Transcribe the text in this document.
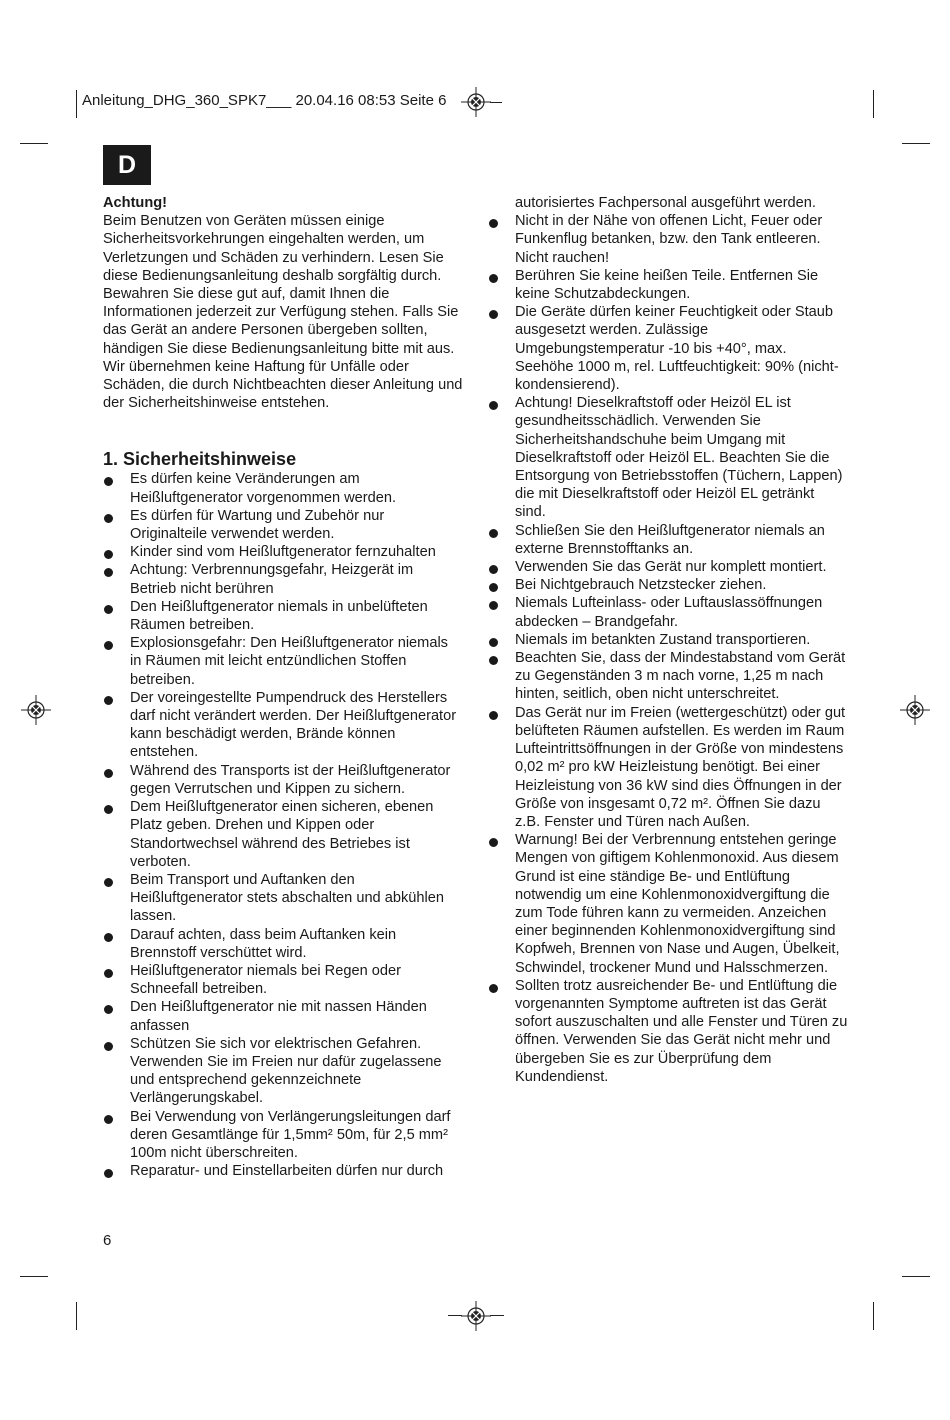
Anleitung_DHG_360_SPK7___ 20.04.16 08:53 Seite 6
D
Achtung!

Beim Benutzen von Geräten müssen einige Sicherheitsvorkehrungen eingehalten werden, um Verletzungen und Schäden zu verhindern. Lesen Sie diese Bedienungsanleitung deshalb sorgfältig durch. Bewahren Sie diese gut auf, damit Ihnen die Informationen jederzeit zur Verfügung stehen. Falls Sie das Gerät an andere Personen übergeben sollten, händigen Sie diese Bedienungsanleitung bitte mit aus. Wir übernehmen keine Haftung für Unfälle oder Schäden, die durch Nichtbeachten dieser Anleitung und der Sicherheitshinweise entstehen.

1. Sicherheitshinweise
Es dürfen keine Veränderungen am Heißluftgenerator vorgenommen werden.
Es dürfen für Wartung und Zubehör nur Originalteile verwendet werden.
Kinder sind vom Heißluftgenerator fernzuhalten
Achtung: Verbrennungsgefahr, Heizgerät im Betrieb nicht berühren
Den Heißluftgenerator niemals in unbelüfteten Räumen betreiben.
Explosionsgefahr: Den Heißluftgenerator niemals in Räumen mit leicht entzündlichen Stoffen betreiben.
Der voreingestellte Pumpendruck des Herstellers darf nicht verändert werden. Der Heißluftgenerator kann beschädigt werden, Brände können entstehen.
Während des Transports ist der Heißluftgenerator gegen Verrutschen und Kippen zu sichern.
Dem Heißluftgenerator einen sicheren, ebenen Platz geben. Drehen und Kippen oder Standortwechsel während des Betriebes ist verboten.
Beim Transport und Auftanken den Heißluftgenerator stets abschalten und abkühlen lassen.
Darauf achten, dass beim Auftanken kein Brennstoff verschüttet wird.
Heißluftgenerator niemals bei Regen oder Schneefall betreiben.
Den Heißluftgenerator nie mit nassen Händen anfassen
Schützen Sie sich vor elektrischen Gefahren. Verwenden Sie im Freien nur dafür zugelassene und entsprechend gekennzeichnete Verlängerungskabel.
Bei Verwendung von Verlängerungsleitungen darf deren Gesamtlänge für 1,5mm² 50m, für 2,5 mm² 100m nicht überschreiten.
Reparatur- und Einstellarbeiten dürfen nur durch
autorisiertes Fachpersonal ausgeführt werden.
Nicht in der Nähe von offenen Licht, Feuer oder Funkenflug betanken, bzw. den Tank entleeren. Nicht rauchen!
Berühren Sie keine heißen Teile. Entfernen Sie keine Schutzabdeckungen.
Die Geräte dürfen keiner Feuchtigkeit oder Staub ausgesetzt werden. Zulässige Umgebungstemperatur -10 bis +40°, max. Seehöhe 1000 m, rel. Luftfeuchtigkeit: 90% (nicht-kondensierend).
Achtung! Dieselkraftstoff oder Heizöl EL ist gesundheitsschädlich. Verwenden Sie Sicherheitshandschuhe beim Umgang mit Dieselkraftstoff oder Heizöl EL. Beachten Sie die Entsorgung von Betriebsstoffen (Tüchern, Lappen) die mit Dieselkraftstoff oder Heizöl EL getränkt sind.
Schließen Sie den Heißluftgenerator niemals an externe Brennstofftanks an.
Verwenden Sie das Gerät nur komplett montiert.
Bei Nichtgebrauch Netzstecker ziehen.
Niemals Lufteinlass- oder Luftauslassöffnungen abdecken – Brandgefahr.
Niemals im betankten Zustand transportieren.
Beachten Sie, dass der Mindestabstand vom Gerät zu Gegenständen 3 m nach vorne, 1,25 m nach hinten, seitlich, oben nicht unterschreitet.
Das Gerät nur im Freien (wettergeschützt) oder gut belüfteten Räumen aufstellen. Es werden im Raum Lufteintrittsöffnungen in der Größe von mindestens 0,02 m² pro kW Heizleistung benötigt. Bei einer Heizleistung von 36 kW sind dies Öffnungen in der Größe von insgesamt 0,72 m². Öffnen Sie dazu z.B. Fenster und Türen nach Außen.
Warnung! Bei der Verbrennung entstehen geringe Mengen von giftigem Kohlenmonoxid. Aus diesem Grund ist eine ständige Be- und Entlüftung notwendig um eine Kohlenmonoxidvergiftung die zum Tode führen kann zu vermeiden. Anzeichen einer beginnenden Kohlenmonoxidvergiftung sind Kopfweh, Brennen von Nase und Augen, Übelkeit, Schwindel, trockener Mund und Halsschmerzen.
Sollten trotz ausreichender Be- und Entlüftung die vorgenannten Symptome auftreten ist das Gerät sofort auszuschalten und alle Fenster und Türen zu öffnen. Verwenden Sie das Gerät nicht mehr und übergeben Sie es zur Überprüfung dem Kundendienst.
6
